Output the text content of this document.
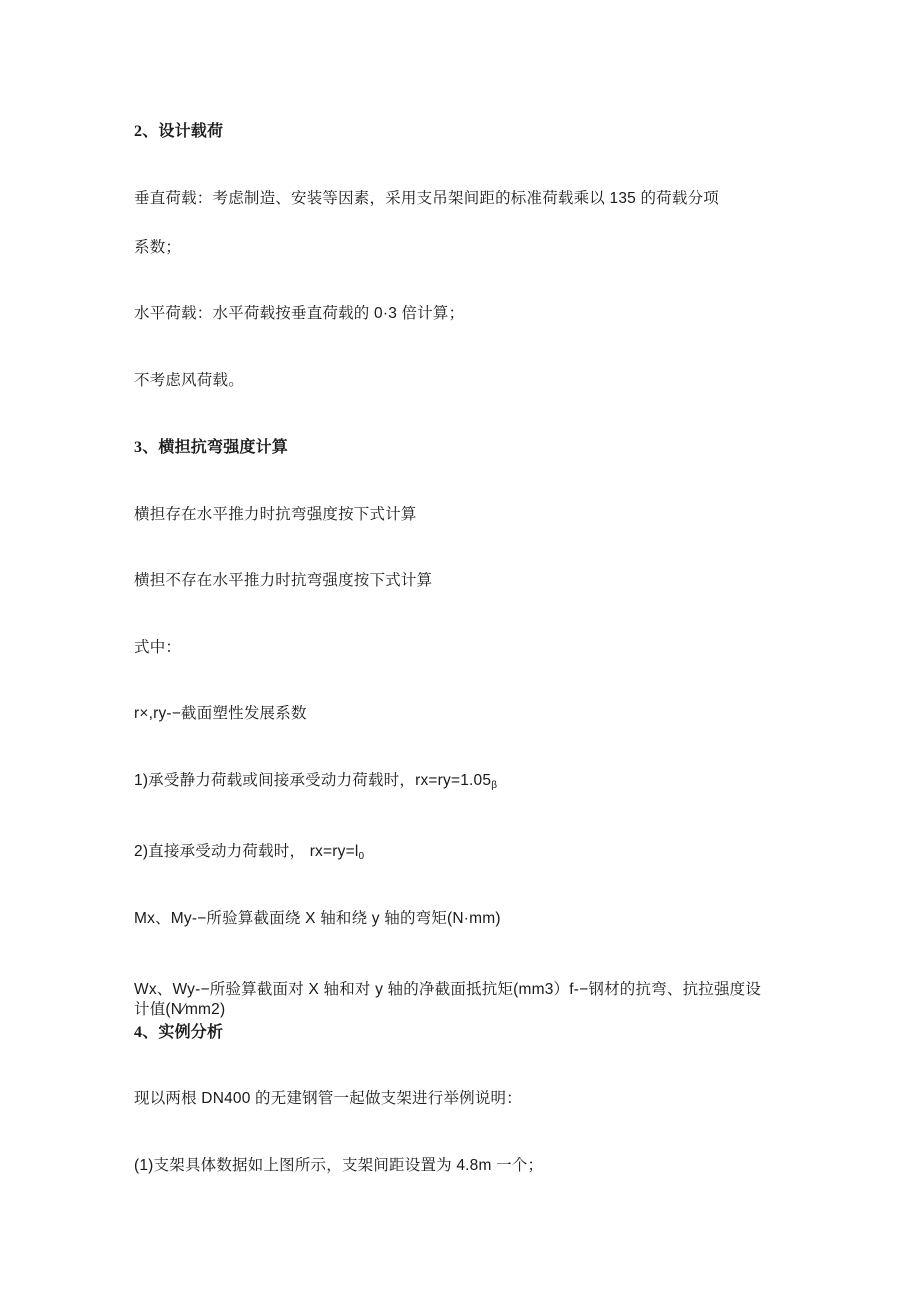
2、设计载荷
垂直荷载：考虑制造、安装等因素，采用支吊架间距的标准荷载乘以 135 的荷载分项
系数；
水平荷载：水平荷载按垂直荷载的 0·3 倍计算；
不考虑风荷载。
3、横担抗弯强度计算
横担存在水平推力时抗弯强度按下式计算
横担不存在水平推力时抗弯强度按下式计算
式中：
r×,ry-−截面塑性发展系数
1)承受静力荷载或间接承受动力荷载时，$rx=ry=1.05_\beta$
2)直接承受动力荷载时， $rx=ry=l_0$
Mx、My-−所验算截面绕 X 轴和绕 y 轴的弯矩(N·mm)
Wx、Wy-−所验算截面对 X 轴和对 y 轴的净截面抵抗矩(mm3）f-−钢材的抗弯、抗拉强度设计值(N∕mm2)
4、实例分析
现以两根 DN400 的无建钢管一起做支架进行举例说明：
(1)支架具体数据如上图所示，支架间距设置为 4.8m 一个；
